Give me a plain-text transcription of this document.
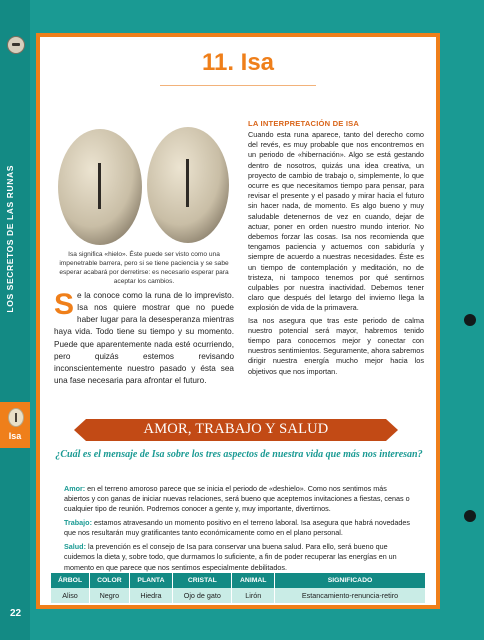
LOS SECRETOS DE LAS RUNAS
Isa
22
11. Isa
Isa significa «hielo». Éste puede ser visto como una impenetrable barrera, pero si se tiene paciencia y se sabe esperar acabará por derretirse: es necesario esperar para aceptar los cambios.
S e la conoce como la runa de lo imprevisto. Isa nos quiere mostrar que no puede haber lugar para la desesperanza mientras haya vida. Todo tiene su tiempo y su momento. Puede que aparentemente nada esté ocurriendo, pero quizás estemos revisando inconscientemente nuestro pasado y ésta sea una fase necesaria para afrontar el futuro.
LA INTERPRETACIÓN DE ISA

Cuando esta runa aparece, tanto del derecho como del revés, es muy probable que nos encontremos en un periodo de «hibernación». Algo se está gestando dentro de nosotros, quizás una idea creativa, un proyecto de cambio de trabajo o, simplemente, lo que ocurre es que necesitamos tiempo para pensar, para revisar el presente y el pasado y mirar hacia el futuro sin hacer nada, de momento. Es algo bueno y muy saludable detenernos de vez en cuando, dejar de actuar, poner en orden nuestro mundo interior. No debemos forzar las cosas. Isa nos recomienda que tengamos paciencia y actuemos con sabiduría y siempre de acuerdo a nuestras necesidades. Éste es un tiempo de contemplación y meditación, no de tristeza, ni tampoco tenemos por qué sentirnos culpables por nuestra inactividad. Debemos tener claro que después del letargo del invierno llega la explosión de vida de la primavera.

Isa nos asegura que tras este periodo de calma nuestro potencial será mayor, habremos tenido tiempo para conocernos mejor y conectar con nuestros sentimientos. Seguramente, ahora sabremos dirigir nuestra energía mucho mejor hacia los objetivos que nos importan.

AMOR, TRABAJO Y SALUD
¿Cuál es el mensaje de Isa sobre los tres aspectos de nuestra vida que más nos interesan?
Amor: en el terreno amoroso parece que se inicia el periodo de «deshielo». Como nos sentimos más abiertos y con ganas de iniciar nuevas relaciones, será bueno que aceptemos invitaciones a fiestas, cenas o cualquier tipo de reunión. Podremos conocer a gente y, muy importante, divertirnos.
Trabajo: estamos atravesando un momento positivo en el terreno laboral. Isa asegura que habrá novedades que nos resultarán muy gratificantes tanto económicamente como en el plano personal.
Salud: la prevención es el consejo de Isa para conservar una buena salud. Para ello, será bueno que cuidemos la dieta y, sobre todo, que durmamos lo suficiente, a fin de poder recuperar las energías en un momento en que parece que nos sentimos especialmente debilitados.
ÁRBOL	COLOR	PLANTA	CRISTAL	ANIMAL	SIGNIFICADO
Aliso	Negro	Hiedra	Ojo de gato	Lirón	Estancamiento-renuncia-retiro
